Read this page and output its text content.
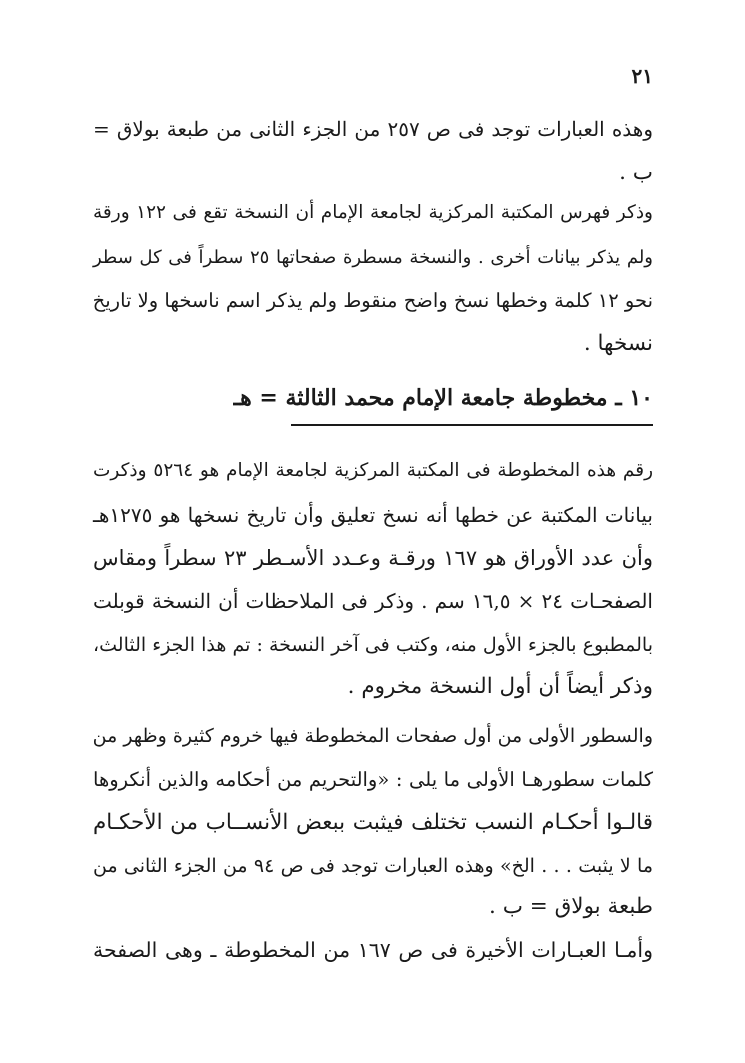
٢١
وهذه العبارات توجد فى ص ٢٥٧ من الجزء الثانى من طبعة بولاق =
ب .
وذكر فهرس المكتبة المركزية لجامعة الإمام أن النسخة تقع فى ١٢٢ ورقة
ولم يذكر بيانات أخرى . والنسخة مسطرة صفحاتها ٢٥ سطراً فى كل سطر
نحو ١٢ كلمة وخطها نسخ واضح منقوط ولم يذكر اسم ناسخها ولا تاريخ
نسخها .
١٠ ـ مخطوطة جامعة الإمام محمد الثالثة = هـ
رقم هذه المخطوطة فى المكتبة المركزية لجامعة الإمام هو ٥٢٦٤ وذكرت
بيانات المكتبة عن خطها أنه نسخ تعليق وأن تاريخ نسخها هو ١٢٧٥هـ
وأن عدد الأوراق هو ١٦٧ ورقـة وعـدد الأسـطر ٢٣ سطراً ومقاس
الصفحـات ٢٤ × ١٦,٥ سم . وذكر فى الملاحظات أن النسخة قوبلت
بالمطبوع بالجزء الأول منه، وكتب فى آخر النسخة : تم هذا الجزء الثالث،
وذكر أيضاً أن أول النسخة مخروم .
والسطور الأولى من أول صفحات المخطوطة فيها خروم كثيرة وظهر من
كلمات سطورهـا الأولى ما يلى : «والتحريم من أحكامه والذين أنكروها
قالـوا أحكـام النسب تختلف فيثبت ببعض الأنســاب من الأحكـام
ما لا يثبت . . . الخ» وهذه العبارات توجد فى ص ٩٤ من الجزء الثانى من
طبعة بولاق = ب .
وأمـا العبـارات الأخيرة فى ص ١٦٧ من المخطوطة ـ وهى الصفحة
